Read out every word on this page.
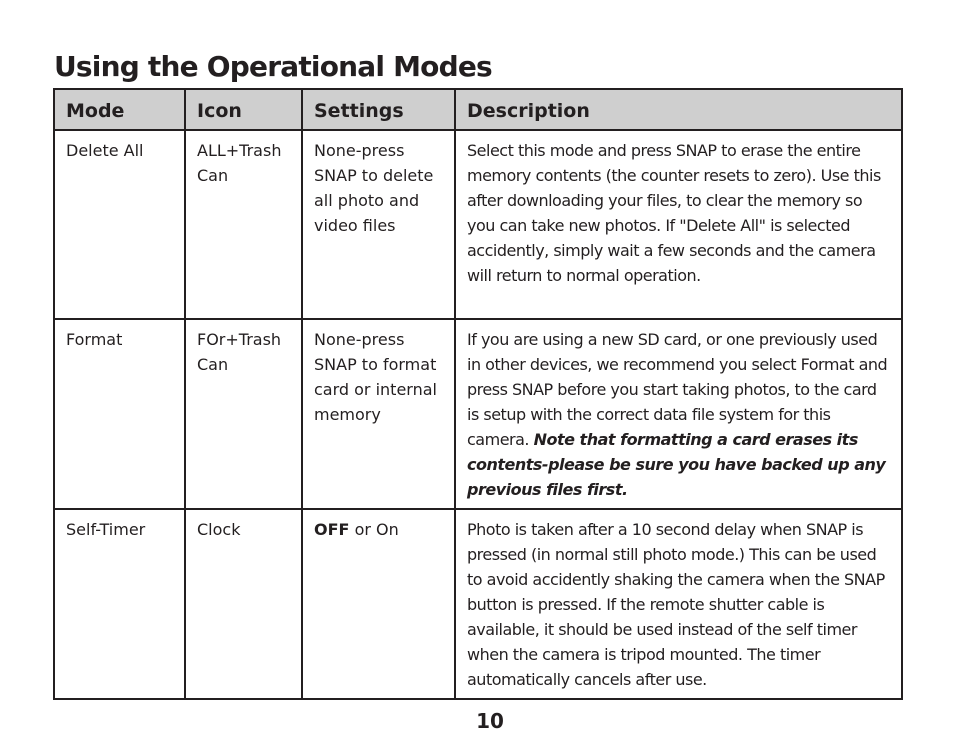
Using the Operational Modes
Mode	Icon	Settings	Description
Delete All	ALL+Trash Can	None-press SNAP to delete all photo and video files	Select this mode and press SNAP to erase the entire memory contents (the counter resets to zero). Use this after downloading your files, to clear the memory so you can take new photos. If "Delete All" is selected accidently, simply wait a few seconds and the camera will return to normal operation.
Format	FOr+Trash Can	None-press SNAP to format card or internal memory	If you are using a new SD card, or one previously used in other devices, we recommend you select Format and press SNAP before you start taking photos, to the card is setup with the correct data file system for this camera. Note that formatting a card erases its contents-please be sure you have backed up any previous files first.
Self-Timer	Clock	OFF or On	Photo is taken after a 10 second delay when SNAP is pressed (in normal still photo mode.) This can be used to avoid accidently shaking the camera when the SNAP button is pressed. If the remote shutter cable is available, it should be used instead of the self timer when the camera is tripod mounted. The timer automatically cancels after use.
10
